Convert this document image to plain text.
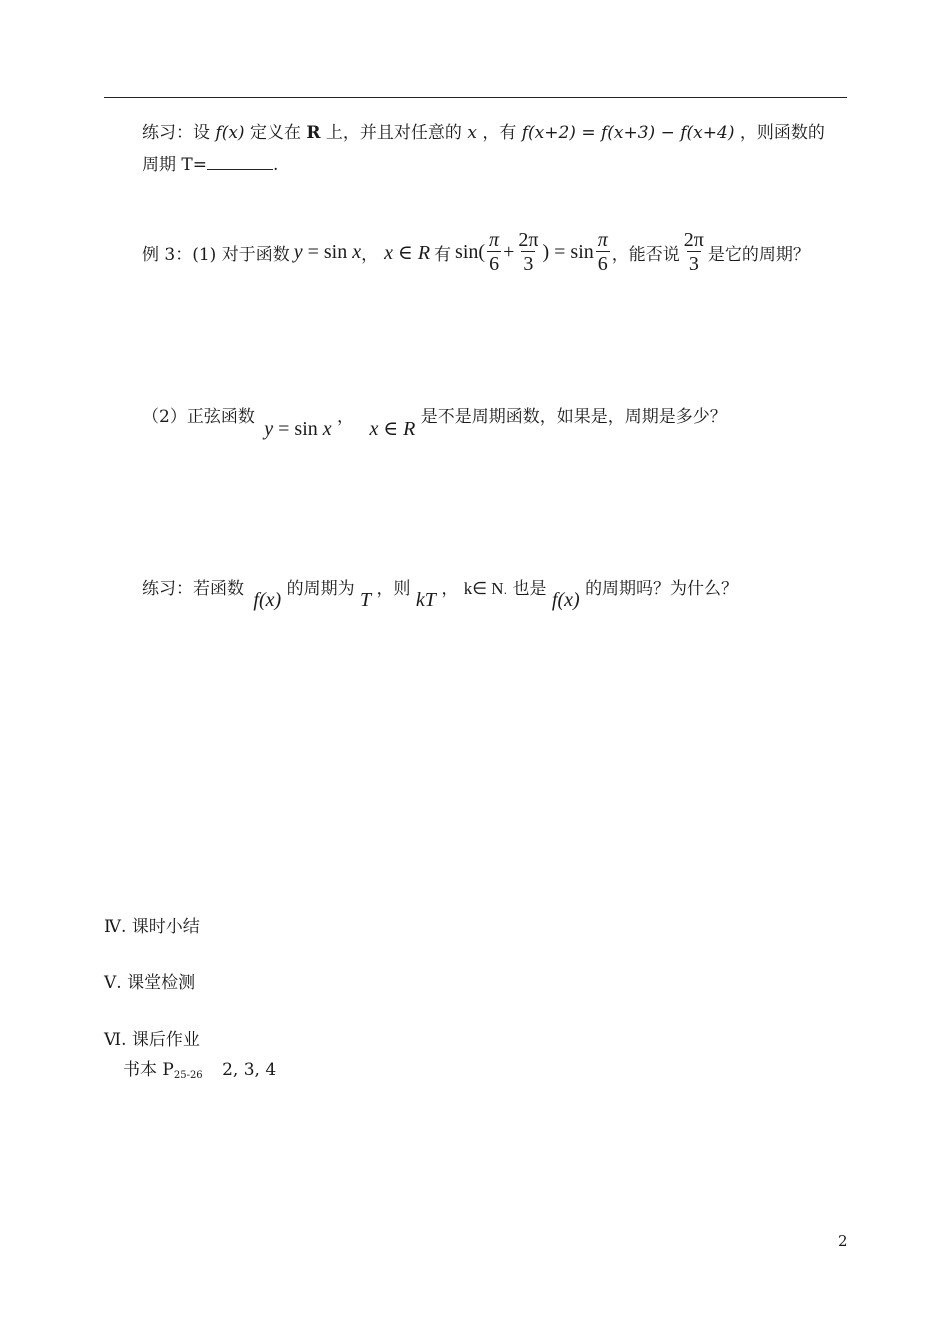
练习：设 f(x) 定义在 R 上，并且对任意的 x ，有 f(x+2) = f(x+3) − f(x+4) ，则函数的
周期 T=	.
例 3：(1) 对于函数 y = sin x ， x ∈ R 有 $\sin( \frac{\pi}{6} + \frac{2\pi}{3}$ ) = $\sin \frac{\pi}{6}$ ，能否说 $\frac{2\pi}{3}$ 是它的周期？
（2）正弦函数 y = sin x ， x ∈ R 是不是周期函数，如果是，周期是多少？
练习：若函数 f(x) 的周期为 T ，则 kT ， k∈ N. 也是 f(x) 的周期吗？为什么？
Ⅳ. 课时小结
Ⅴ. 课堂检测
Ⅵ. 课后作业
书本 $P_{25-26}$ 2, 3, 4
2
